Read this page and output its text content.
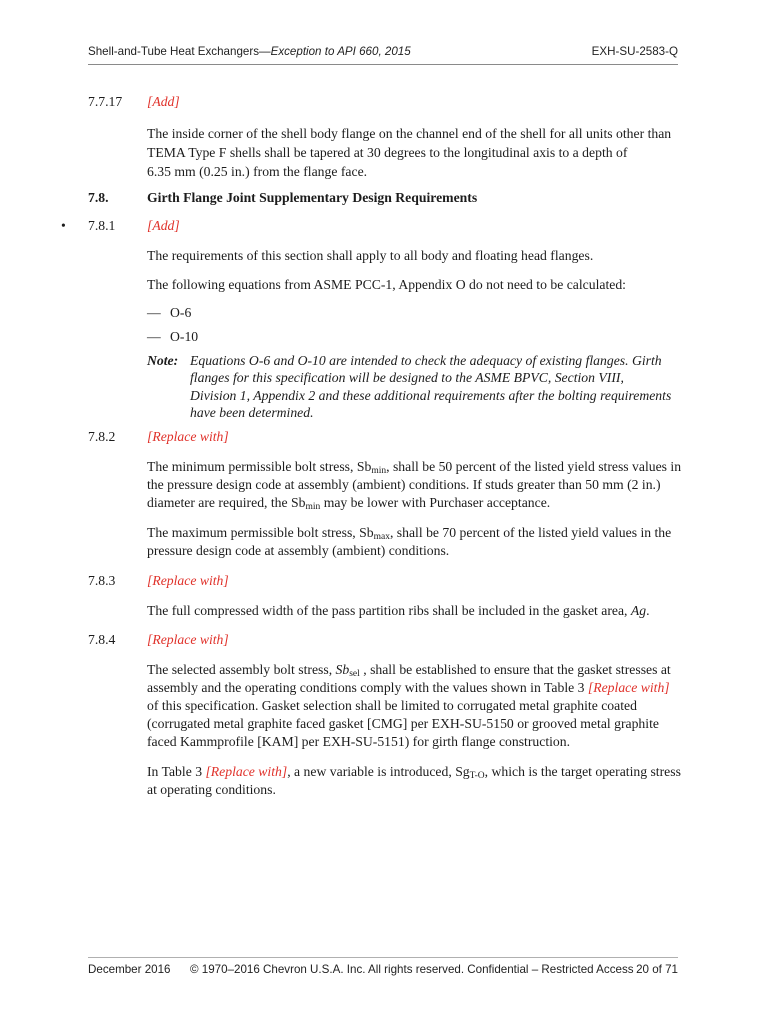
Shell-and-Tube Heat Exchangers—Exception to API 660, 2015	EXH-SU-2583-Q
7.7.17 [Add]
The inside corner of the shell body flange on the channel end of the shell for all units other than
TEMA Type F shells shall be tapered at 30 degrees to the longitudinal axis to a depth of
6.35 mm (0.25 in.) from the flange face.
7.8.	Girth Flange Joint Supplementary Design Requirements
• 7.8.1 [Add]
The requirements of this section shall apply to all body and floating head flanges.
The following equations from ASME PCC-1, Appendix O do not need to be calculated:
— O-6
— O-10
Note: Equations O-6 and O-10 are intended to check the adequacy of existing flanges. Girth
flanges for this specification will be designed to the ASME BPVC, Section VIII,
Division 1, Appendix 2 and these additional requirements after the bolting requirements
have been determined.
7.8.2 [Replace with]
The minimum permissible bolt stress, $Sb_{min}$, shall be 50 percent of the listed yield stress values in
the pressure design code at assembly (ambient) conditions. If studs greater than 50 mm (2 in.)
diameter are required, the $Sb_{min}$ may be lower with Purchaser acceptance.
The maximum permissible bolt stress, $Sb_{max}$, shall be 70 percent of the listed yield values in the
pressure design code at assembly (ambient) conditions.
7.8.3 [Replace with]
The full compressed width of the pass partition ribs shall be included in the gasket area, Ag.
7.8.4 [Replace with]
The selected assembly bolt stress, $Sb_{sel}$ , shall be established to ensure that the gasket stresses at
assembly and the operating conditions comply with the values shown in Table 3 [Replace with]
of this specification. Gasket selection shall be limited to corrugated metal graphite coated
(corrugated metal graphite faced gasket [CMG] per EXH-SU-5150 or grooved metal graphite
faced Kammprofile [KAM] per EXH-SU-5151) for girth flange construction.
In Table 3 [Replace with], a new variable is introduced, $Sg_{T-O}$, which is the target operating stress
at operating conditions.
December 2016 © 1970–2016 Chevron U.S.A. Inc. All rights reserved. Confidential – Restricted Access 20 of 71
